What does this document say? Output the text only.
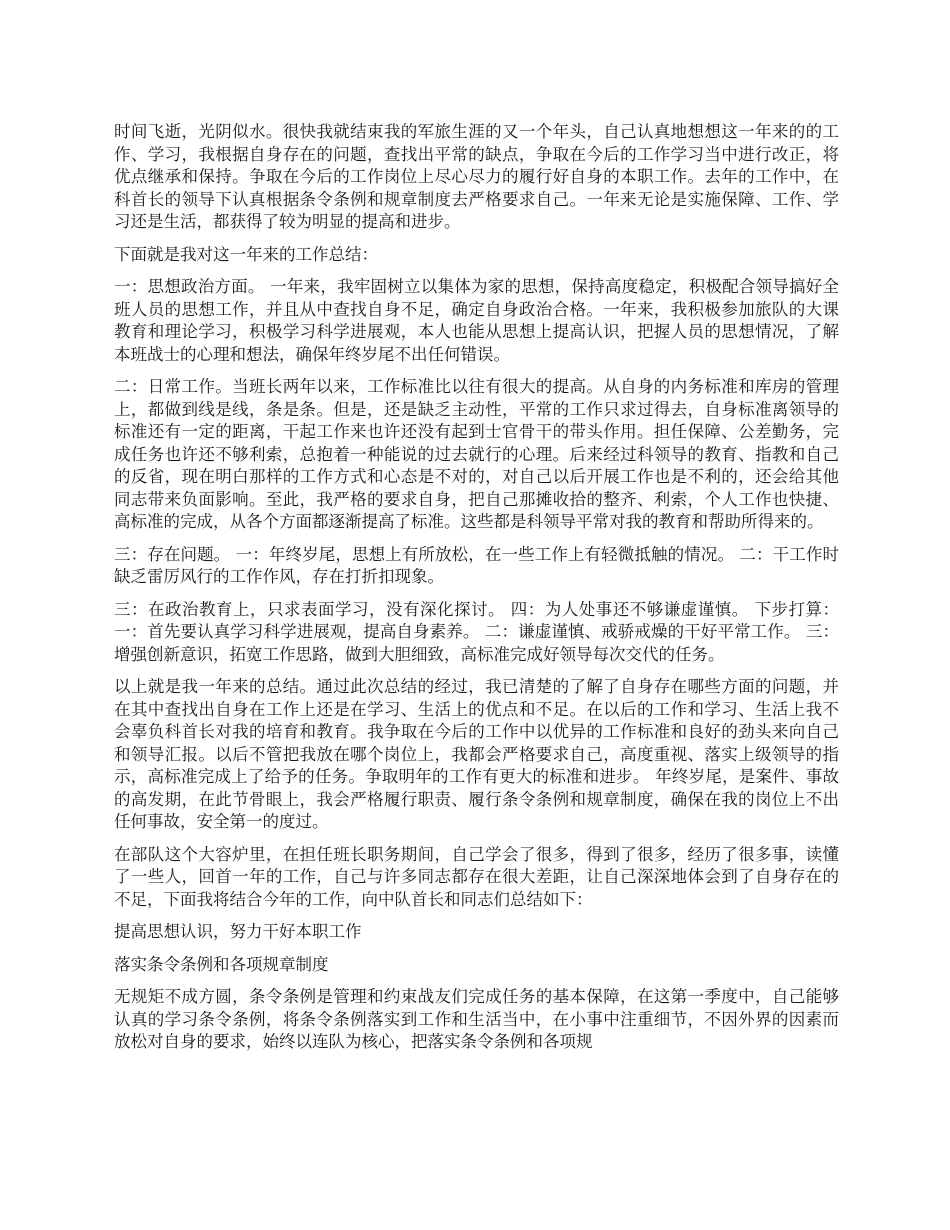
时间飞逝，光阴似水。很快我就结束我的军旅生涯的又一个年头，自己认真地想想这一年来的的工作、学习，我根据自身存在的问题，查找出平常的缺点，争取在今后的工作学习当中进行改正，将优点继承和保持。争取在今后的工作岗位上尽心尽力的履行好自身的本职工作。去年的工作中，在科首长的领导下认真根据条令条例和规章制度去严格要求自己。一年来无论是实施保障、工作、学习还是生活，都获得了较为明显的提高和进步。

下面就是我对这一年来的工作总结：

一：思想政治方面。 一年来，我牢固树立以集体为家的思想，保持高度稳定，积极配合领导搞好全班人员的思想工作，并且从中查找自身不足，确定自身政治合格。一年来，我积极参加旅队的大课教育和理论学习，积极学习科学进展观，本人也能从思想上提高认识，把握人员的思想情况，了解本班战士的心理和想法，确保年终岁尾不出任何错误。

二：日常工作。当班长两年以来，工作标准比以往有很大的提高。从自身的内务标准和库房的管理上，都做到线是线，条是条。但是，还是缺乏主动性，平常的工作只求过得去，自身标准离领导的标准还有一定的距离，干起工作来也许还没有起到士官骨干的带头作用。担任保障、公差勤务，完成任务也许还不够利索，总抱着一种能说的过去就行的心理。后来经过科领导的教育、指教和自己的反省，现在明白那样的工作方式和心态是不对的，对自己以后开展工作也是不利的，还会给其他同志带来负面影响。至此，我严格的要求自身，把自己那摊收拾的整齐、利索，个人工作也快捷、高标准的完成，从各个方面都逐渐提高了标准。这些都是科领导平常对我的教育和帮助所得来的。

三：存在问题。 一：年终岁尾，思想上有所放松，在一些工作上有轻微抵触的情况。 二：干工作时缺乏雷厉风行的工作作风，存在打折扣现象。

三：在政治教育上，只求表面学习，没有深化探讨。 四：为人处事还不够谦虚谨慎。 下步打算： 一：首先要认真学习科学进展观，提高自身素养。 二：谦虚谨慎、戒骄戒燥的干好平常工作。 三：增强创新意识，拓宽工作思路，做到大胆细致，高标准完成好领导每次交代的任务。

以上就是我一年来的总结。通过此次总结的经过，我已清楚的了解了自身存在哪些方面的问题，并在其中查找出自身在工作上还是在学习、生活上的优点和不足。在以后的工作和学习、生活上我不会辜负科首长对我的培育和教育。我争取在今后的工作中以优异的工作标准和良好的劲头来向自己和领导汇报。以后不管把我放在哪个岗位上，我都会严格要求自己，高度重视、落实上级领导的指示，高标准完成上了给予的任务。争取明年的工作有更大的标准和进步。 年终岁尾，是案件、事故的高发期，在此节骨眼上，我会严格履行职责、履行条令条例和规章制度，确保在我的岗位上不出任何事故，安全第一的度过。

在部队这个大容炉里，在担任班长职务期间，自己学会了很多，得到了很多，经历了很多事，读懂了一些人，回首一年的工作，自己与许多同志都存在很大差距，让自己深深地体会到了自身存在的不足，下面我将结合今年的工作，向中队首长和同志们总结如下：

提高思想认识，努力干好本职工作

落实条令条例和各项规章制度

无规矩不成方圆，条令条例是管理和约束战友们完成任务的基本保障，在这第一季度中，自己能够认真的学习条令条例，将条令条例落实到工作和生活当中，在小事中注重细节，不因外界的因素而放松对自身的要求，始终以连队为核心，把落实条令条例和各项规
